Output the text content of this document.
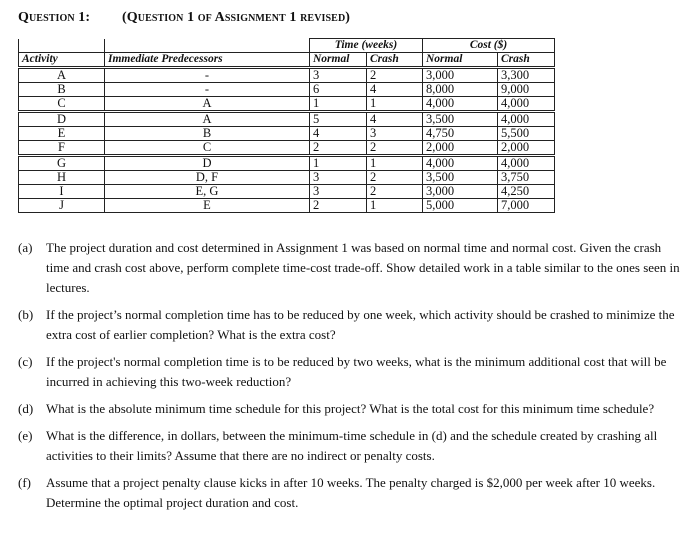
Question 1: (Question 1 of Assignment 1 revised)
		Time (weeks)		Cost ($)	
Activity	Immediate Predecessors	Normal	Crash	Normal	Crash
A	-	3	2	3,000	3,300
B	-	6	4	8,000	9,000
C	A	1	1	4,000	4,000
D	A	5	4	3,500	4,000
E	B	4	3	4,750	5,500
F	C	2	2	2,000	2,000
G	D	1	1	4,000	4,000
H	D, F	3	2	3,500	3,750
I	E, G	3	2	3,000	4,250
J	E	2	1	5,000	7,000
(a)	The project duration and cost determined in Assignment 1 was based on normal time and normal cost. Given the crash time and crash cost above, perform complete time-cost trade-off. Show detailed work in a table similar to the ones seen in lectures.
(b) If the project’s normal completion time has to be reduced by one week, which activity should be crashed to minimize the extra cost of earlier completion? What is the extra cost?
(c)	If the project's normal completion time is to be reduced by two weeks, what is the minimum additional cost that will be incurred in achieving this two-week reduction?
(d) What is the absolute minimum time schedule for this project? What is the total cost for this minimum time schedule?
(e)	What is the difference, in dollars, between the minimum-time schedule in (d) and the schedule created by crashing all activities to their limits? Assume that there are no indirect or penalty costs.
(f)	Assume that a project penalty clause kicks in after 10 weeks. The penalty charged is $2,000 per week after 10 weeks. Determine the optimal project duration and cost.
